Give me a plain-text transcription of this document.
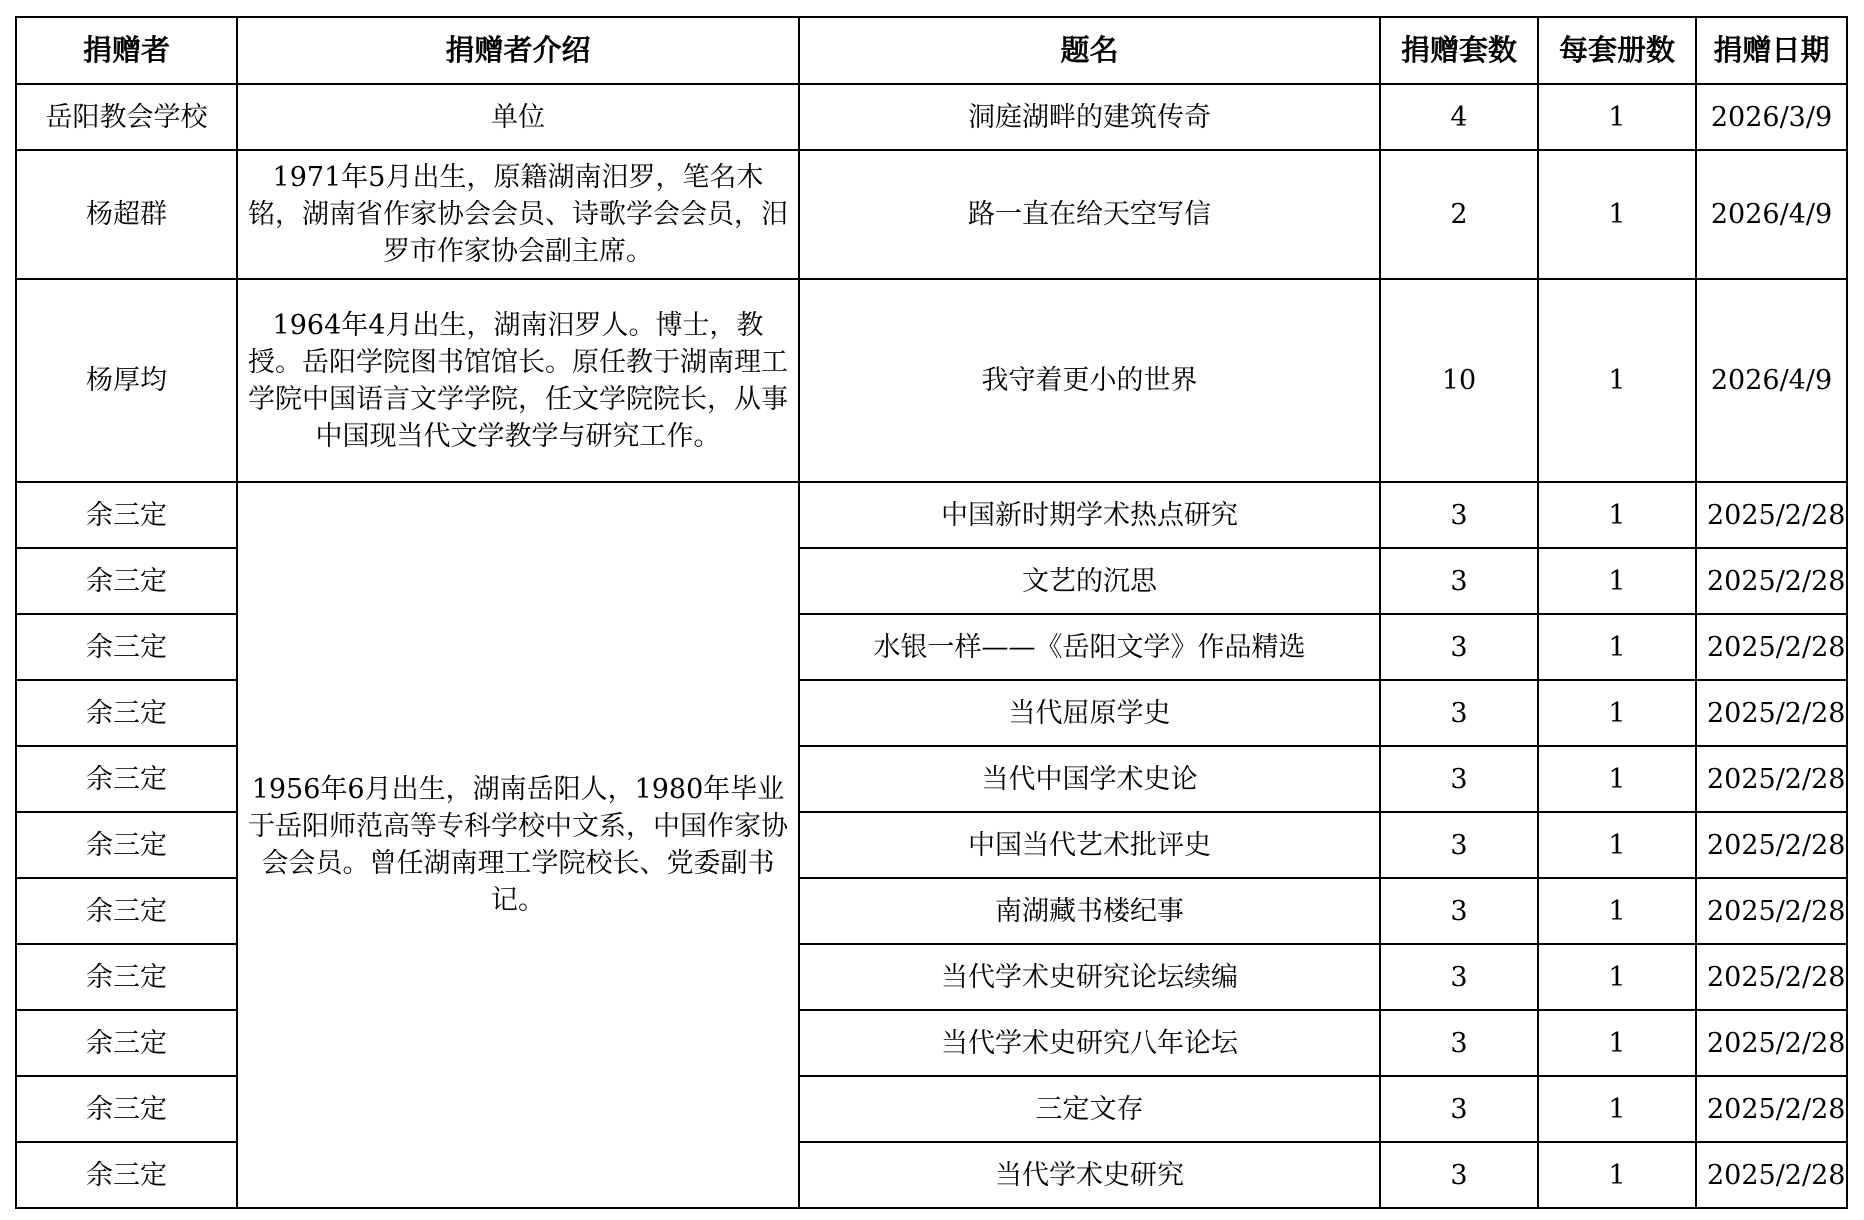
捐赠者	捐赠者介绍	题名	捐赠套数	每套册数	捐赠日期
岳阳教会学校	单位	洞庭湖畔的建筑传奇	4	1	2026/3/9
杨超群	1971年5月出生，原籍湖南汨罗，笔名木铭，湖南省作家协会会员、诗歌学会会员，汨罗市作家协会副主席。	路一直在给天空写信	2	1	2026/4/9
杨厚均	1964年4月出生，湖南汨罗人。博士，教授。岳阳学院图书馆馆长。原任教于湖南理工学院中国语言文学学院，任文学院院长，从事中国现当代文学教学与研究工作。	我守着更小的世界	10	1	2026/4/9
余三定	1956年6月出生，湖南岳阳人，1980年毕业于岳阳师范高等专科学校中文系，中国作家协会会员。曾任湖南理工学院校长、党委副书记。	中国新时期学术热点研究	3	1	2025/2/28
余三定		文艺的沉思	3	1	2025/2/28
余三定		水银一样——《岳阳文学》作品精选	3	1	2025/2/28
余三定		当代屈原学史	3	1	2025/2/28
余三定		当代中国学术史论	3	1	2025/2/28
余三定		中国当代艺术批评史	3	1	2025/2/28
余三定		南湖藏书楼纪事	3	1	2025/2/28
余三定		当代学术史研究论坛续编	3	1	2025/2/28
余三定		当代学术史研究八年论坛	3	1	2025/2/28
余三定		三定文存	3	1	2025/2/28
余三定		当代学术史研究	3	1	2025/2/28
